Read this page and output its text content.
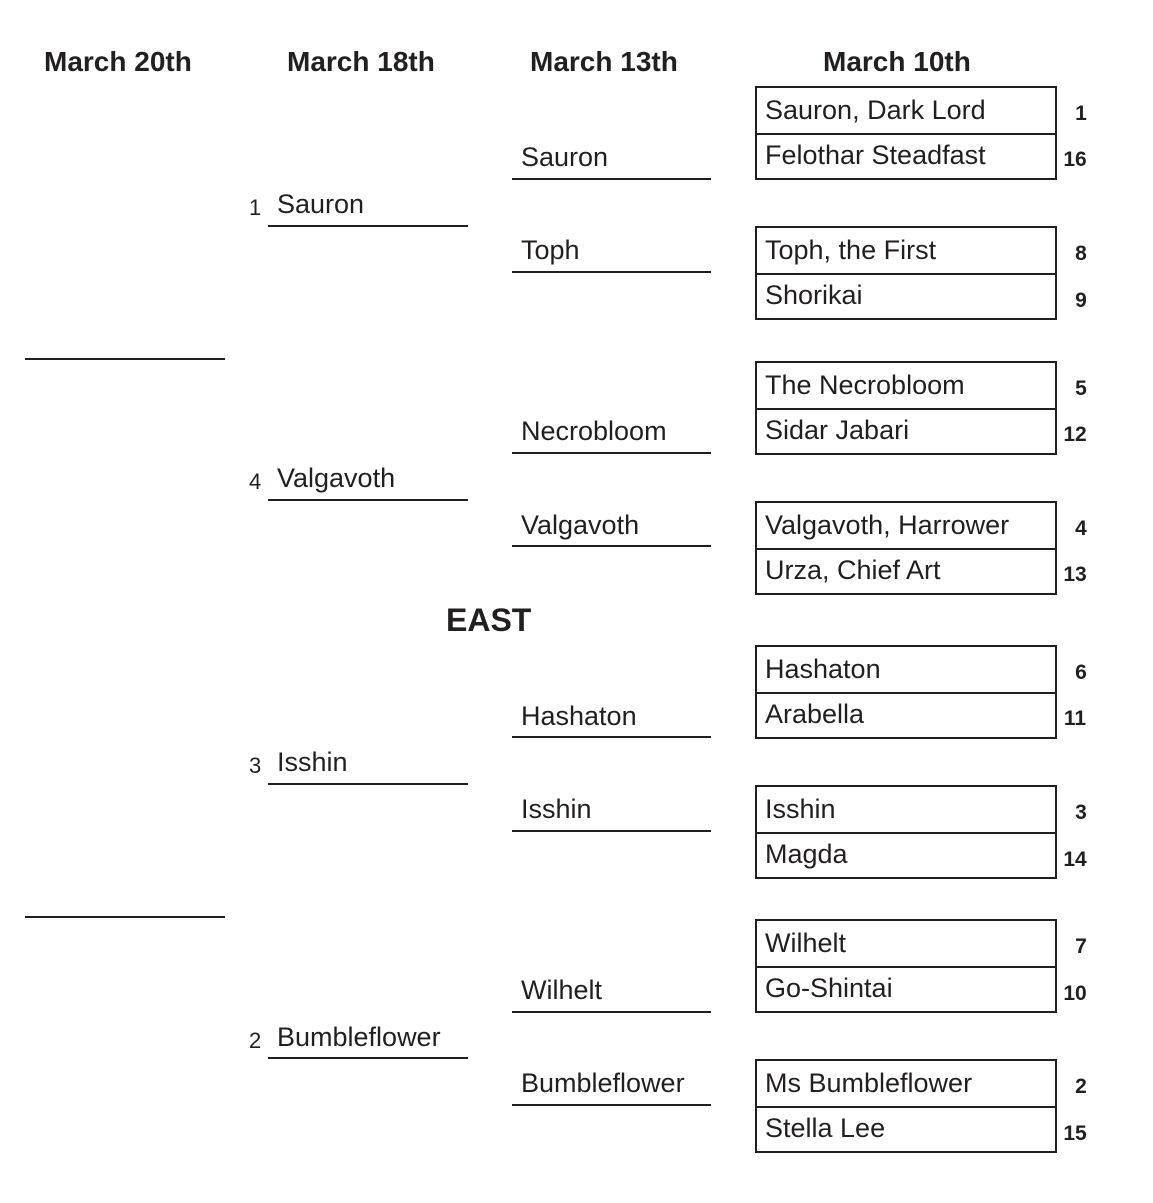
March 20th	March 18th	March 13th	March 10th
EAST
1 Sauron
4 Valgavoth
3 Isshin
2 Bumbleflower
Sauron
Toph
Necrobloom
Valgavoth
Hashaton
Isshin
Wilhelt
Bumbleflower
Sauron, Dark Lord	1
Felothar Steadfast	16
Toph, the First	8
Shorikai	9
The Necrobloom	5
Sidar Jabari	12
Valgavoth, Harrower	4
Urza, Chief Art	13
Hashaton	6
Arabella	11
Isshin	3
Magda	14
Wilhelt	7
Go-Shintai	10
Ms Bumbleflower	2
Stella Lee	15
